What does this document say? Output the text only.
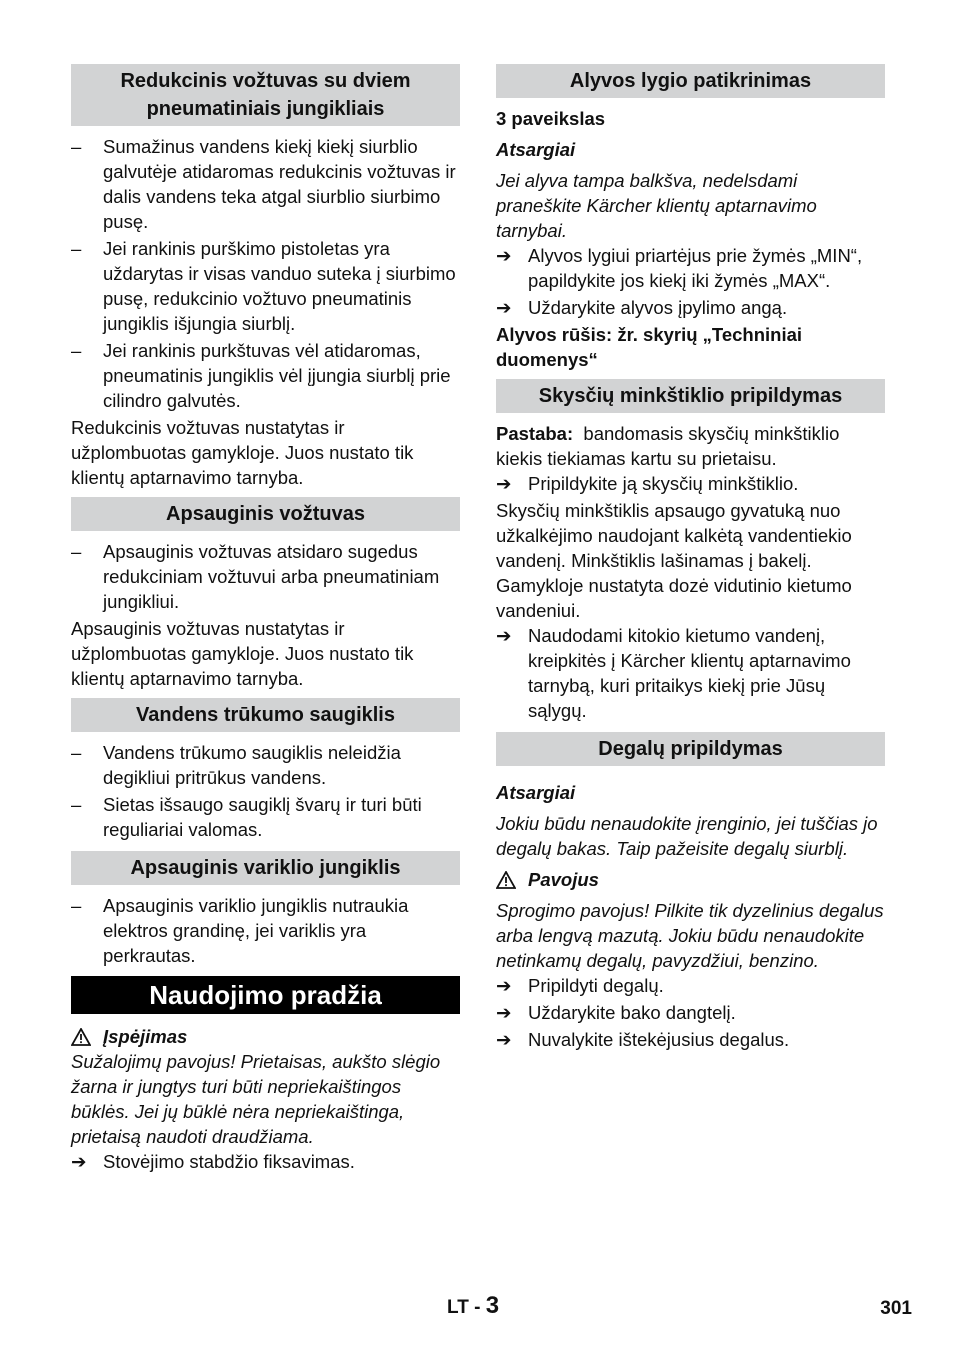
Redukcinis vožtuvas su dviem pneumatiniais jungikliais
– Sumažinus vandens kiekį kiekį siurblio galvutėje atidaromas redukcinis vožtuvas ir dalis vandens teka atgal siurblio siurbimo pusę.
– Jei rankinis purškimo pistoletas yra uždarytas ir visas vanduo suteka į siurbimo pusę, redukcinio vožtuvo pneumatinis jungiklis išjungia siurblį.
– Jei rankinis purkštuvas vėl atidaromas, pneumatinis jungiklis vėl įjungia siurblį prie cilindro galvutės.

Redukcinis vožtuvas nustatytas ir užplombuotas gamykloje. Juos nustato tik klientų aptarnavimo tarnyba.

Apsauginis vožtuvas
– Apsauginis vožtuvas atsidaro sugedus redukciniam vožtuvui arba pneumatiniam jungikliui.

Apsauginis vožtuvas nustatytas ir užplombuotas gamykloje. Juos nustato tik klientų aptarnavimo tarnyba.

Vandens trūkumo saugiklis
– Vandens trūkumo saugiklis neleidžia degikliui pritrūkus vandens.
– Sietas išsaugo saugiklį švarų ir turi būti reguliariai valomas.
Apsauginis variklio jungiklis
– Apsauginis variklio jungiklis nutraukia elektros grandinę, jei variklis yra perkrautas.
Naudojimo pradžia
Įspėjimas

Sužalojimų pavojus! Prietaisas, aukšto slėgio žarna ir jungtys turi būti nepriekaištingos būklės. Jei jų būklė nėra nepriekaištinga, prietaisą naudoti draudžiama.

➔ Stovėjimo stabdžio fiksavimas.
Alyvos lygio patikrinimas

3 paveikslas

Atsargiai

Jei alyva tampa balkšva, nedelsdami praneškite Kärcher klientų aptarnavimo tarnybai.

➔ Alyvos lygiui priartėjus prie žymės „MIN“, papildykite jos kiekį iki žymės „MAX“.
➔ Uždarykite alyvos įpylimo angą.

Alyvos rūšis: žr. skyrių „Techniniai duomenys“

Skysčių minkštiklio pripildymas

Pastaba: bandomasis skysčių minkštiklio kiekis tiekiamas kartu su prietaisu.

➔ Pripildykite ją skysčių minkštiklio.

Skysčių minkštiklis apsaugo gyvatuką nuo užkalkėjimo naudojant kalkėtą vandentiekio vandenį. Minkštiklis lašinamas į bakelį.

Gamykloje nustatyta dozė vidutinio kietumo vandeniui.

➔ Naudodami kitokio kietumo vandenį, kreipkitės į Kärcher klientų aptarnavimo tarnybą, kuri pritaikys kiekį prie Jūsų sąlygų.
Degalų pripildymas

Atsargiai

Jokiu būdu nenaudokite įrenginio, jei tuščias jo degalų bakas. Taip pažeisite degalų siurblį.

Pavojus

Sprogimo pavojus! Pilkite tik dyzelinius degalus arba lengvą mazutą. Jokiu būdu nenaudokite netinkamų degalų, pavyzdžiui, benzino.

➔ Pripildyti degalų.
➔ Uždarykite bako dangtelį.
➔ Nuvalykite ištekėjusius degalus.
LT - 3	301
